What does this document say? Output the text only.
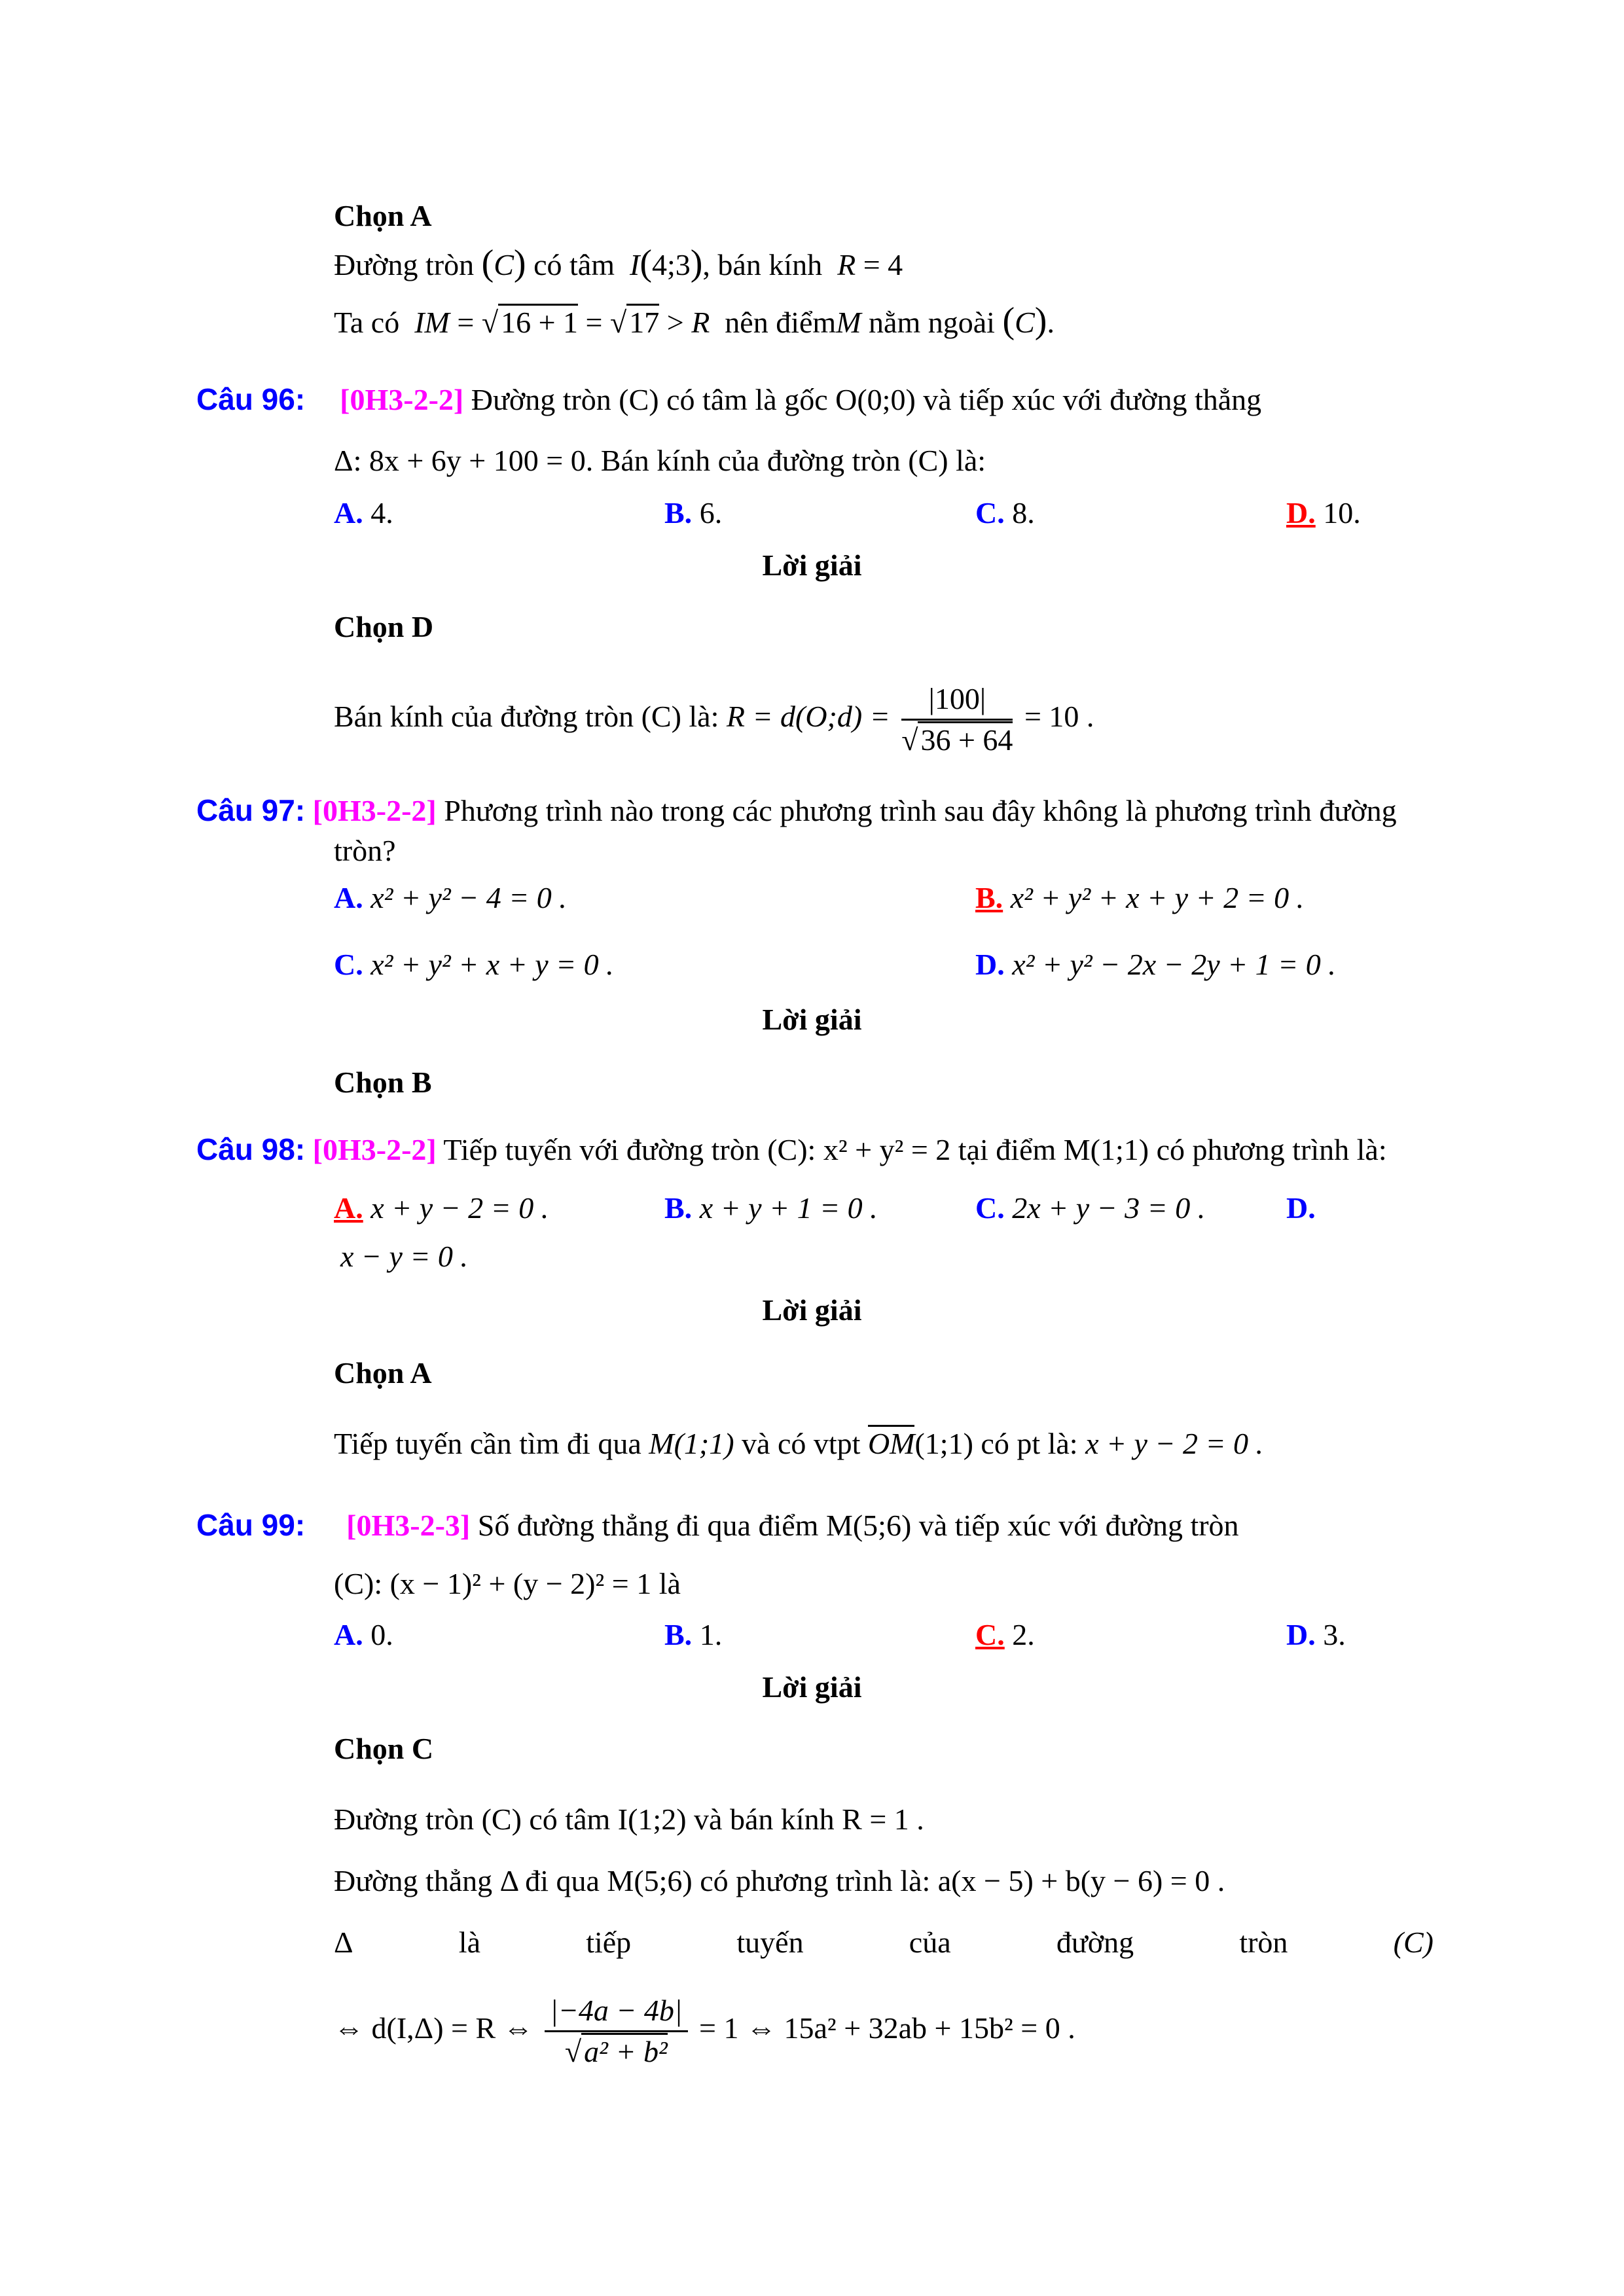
Chọn A
Đường tròn (C) có tâm  I(4;3), bán kính  R = 4
Ta có  IM = √16 + 1 = √17 > R nên điểmM nằm ngoài (C).
Câu 96: [0H3-2-2] Đường tròn (C) có tâm là gốc O(0;0) và tiếp xúc với đường thẳng
Δ: 8x + 6y + 100 = 0. Bán kính của đường tròn (C) là:
A. 4.	B. 6.	C. 8.	D. 10.
Lời giải
Chọn D
Bán kính của đường tròn (C) là: R = d(O;d) = $\frac{|100|}{√36 + 64} = 10$ .
Câu 97: [0H3-2-2] Phương trình nào trong các phương trình sau đây không là phương trình đường
tròn?
A. x² + y² − 4 = 0 .	B. x² + y² + x + y + 2 = 0 .
C. x² + y² + x + y = 0 .	D. x² + y² − 2x − 2y + 1 = 0 .
Lời giải
Chọn B
Câu 98: [0H3-2-2] Tiếp tuyến với đường tròn (C): x² + y² = 2 tại điểm M(1;1) có phương trình là:
A. x + y − 2 = 0 .	B. x + y + 1 = 0 .	C. 2x + y − 3 = 0 .	D.
x − y = 0 .
Lời giải
Chọn A
Tiếp tuyến cần tìm đi qua M(1;1) và có vtpt OM(1;1) có pt là: x + y − 2 = 0 .
Câu 99: [0H3-2-3] Số đường thẳng đi qua điểm M(5;6) và tiếp xúc với đường tròn
(C): (x − 1)² + (y − 2)² = 1 là
A. 0.	B. 1.	C. 2.	D. 3.
Lời giải
Chọn C
Đường tròn (C) có tâm I(1;2) và bán kính R = 1 .
Đường thẳng Δ đi qua M(5;6) có phương trình là: a(x − 5) + b(y − 6) = 0 .
Δ	là	tiếp	tuyến	của	đường	tròn	(C)
⇔ d(I,Δ) = R ⇔ $\frac{|-4a - 4b|}{\text{√a² + b²}} = 1$ ⇔ 15a² + 32ab + 15b² = 0 .
